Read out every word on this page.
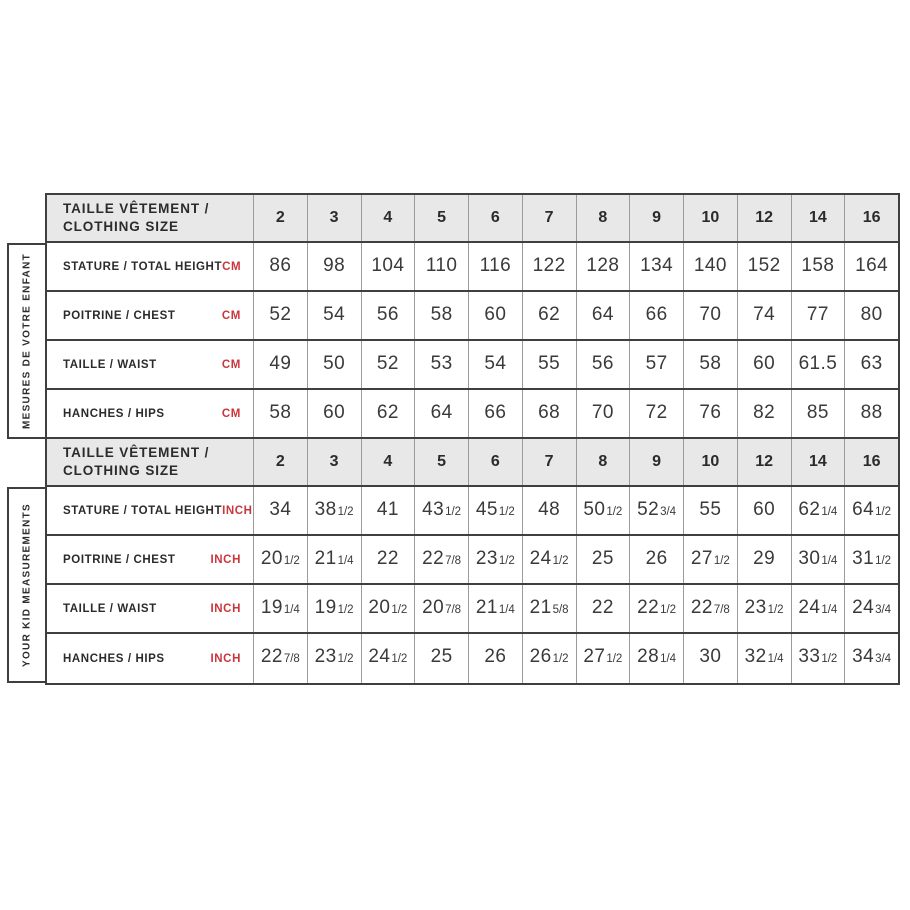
TAILLE VÊTEMENT /
CLOTHING SIZE
2	3	4	5	6	7	8	9	10	12	14	16
STATURE / TOTAL HEIGHT CM 86 98 104 110 116 122 128 134 140 152 158 164
POITRINE / CHEST	CM 52 54 56 58 60 62 64 66 70 74 77 80
TAILLE / WAIST	CM 49 50 52 53 54 55 56 57 58 60 61.5 63
HANCHES / HIPS	CM 58 60 62 64 66 68 70 72 76 82 85 88
TAILLE VÊTEMENT /
CLOTHING SIZE
2	3	4	5	6	7	8	9	10	12	14	16
STATURE / TOTAL HEIGHT INCH 34 38 1/2 41 43 1/2 45 1/2 48 50 1/2 52 3/4 55 60 62 1/4 64 1/2
POITRINE / CHEST	INCH 20 1/2 21 1/4 22 22 7/8 23 1/2 24 1/2 25 26 27 1/2 29 30 1/4 31 1/2
TAILLE / WAIST	INCH 19 1/4 19 1/2 20 1/2 20 7/8 21 1/4 21 5/8 22 22 1/2 22 7/8 23 1/2 24 1/4 24 3/4
HANCHES / HIPS	INCH 22 7/8 23 1/2 24 1/2 25 26 26 1/2 27 1/2 28 1/4 30 32 1/4 33 1/2 34 3/4
MESURES DE VOTRE ENFANT
YOUR KID MEASUREMENTS
